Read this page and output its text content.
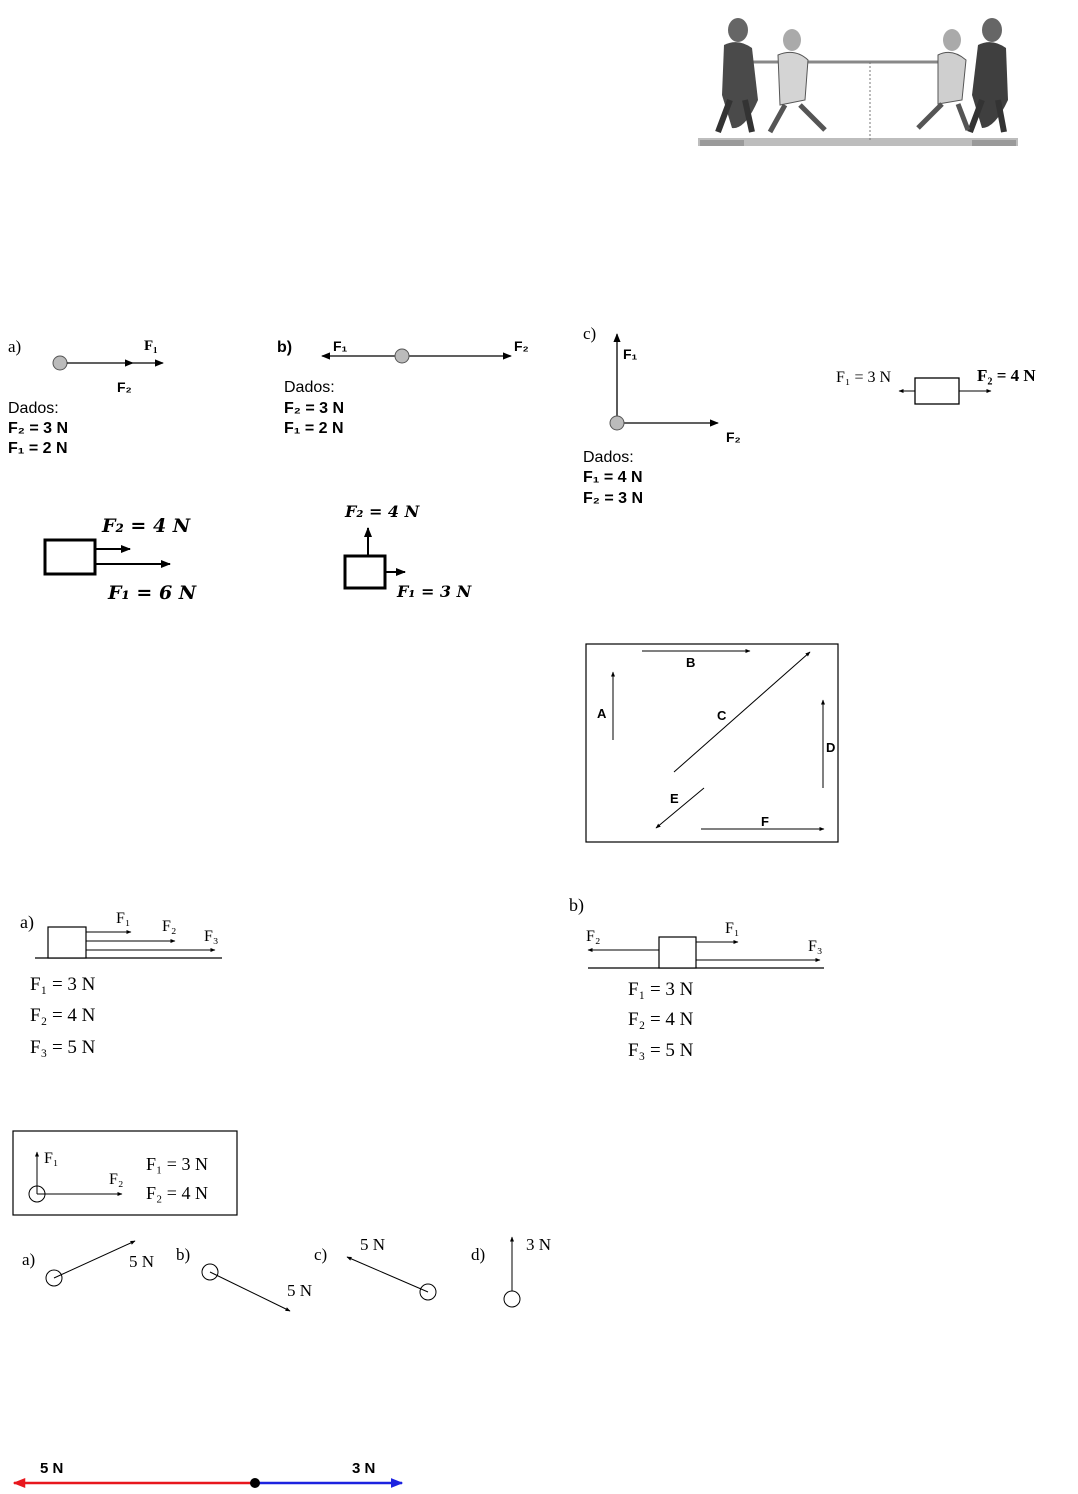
a)	F₁
F₂
Dados:
F₂ = 3 N
F₁ = 2 N
b)	F₁	F₂
Dados:
F₂ = 3 N
F₁ = 2 N
c)
F₁
F₂
Dados:
F₁ = 4 N
F₂ = 3 N
F₁ = 3 N	F₂ = 4 N
F₂ = 4 N
F₁ = 6 N
F₂ = 4 N
F₁ = 3 N
B
A	C
D
E
F
a)	F₁ F₂
F₃
F₁ = 3 N
F₂ = 4 N
F₃ = 5 N
b)
F₂	F₁
F₃
F₁ = 3 N
F₂ = 4 N
F₃ = 5 N
F₁
F₂
F₁ = 3 N
F₂ = 4 N
a)	5 N b)
5 N
c)
5 N
d)
3 N
5 N	3 N
